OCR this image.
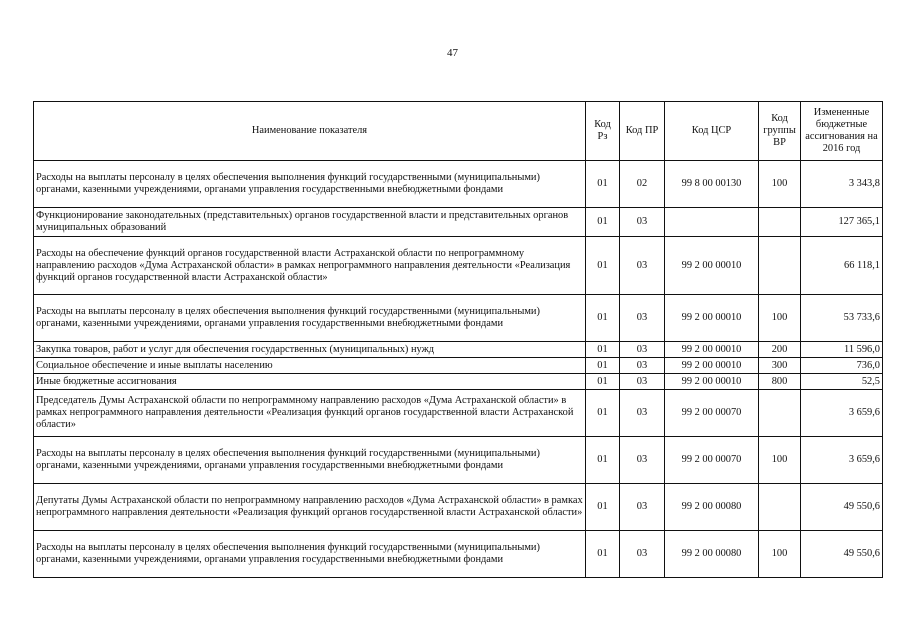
47
Наименование показателя	Код Рз	Код ПР	Код ЦСР	Код группы ВР	Измененные бюджетные ассигнования на 2016 год
Расходы на выплаты персоналу в целях обеспечения выполнения функций государственными (муниципальными) органами, казенными учреждениями, органами управления государственными внебюджетными фондами	01	02	99 8 00 00130	100	3 343,8
Функционирование законодательных (представительных) органов государственной власти и представительных органов муниципальных образований	01	03			127 365,1
Расходы на обеспечение функций органов государственной власти Астраханской области по непрограммному направлению расходов «Дума Астраханской области» в рамках непрограммного направления деятельности «Реализация функций органов государственной власти Астраханской области»	01	03	99 2 00 00010		66 118,1
Расходы на выплаты персоналу в целях обеспечения выполнения функций государственными (муниципальными) органами, казенными учреждениями, органами управления государственными внебюджетными фондами	01	03	99 2 00 00010	100	53 733,6
Закупка товаров, работ и услуг для обеспечения государственных (муниципальных) нужд	01	03	99 2 00 00010	200	11 596,0
Социальное обеспечение и иные выплаты населению	01	03	99 2 00 00010	300	736,0
Иные бюджетные ассигнования	01	03	99 2 00 00010	800	52,5
Председатель Думы Астраханской области по непрограммному направлению расходов «Дума Астраханской области» в рамках непрограммного направления деятельности «Реализация функций органов государственной власти Астраханской области»	01	03	99 2 00 00070		3 659,6
Расходы на выплаты персоналу в целях обеспечения выполнения функций государственными (муниципальными) органами, казенными учреждениями, органами управления государственными внебюджетными фондами	01	03	99 2 00 00070	100	3 659,6
Депутаты Думы Астраханской области по непрограммному направлению расходов «Дума Астраханской области» в рамках непрограммного направления деятельности «Реализация функций органов государственной власти Астраханской области»	01	03	99 2 00 00080		49 550,6
Расходы на выплаты персоналу в целях обеспечения выполнения функций государственными (муниципальными) органами, казенными учреждениями, органами управления государственными внебюджетными фондами	01	03	99 2 00 00080	100	49 550,6
